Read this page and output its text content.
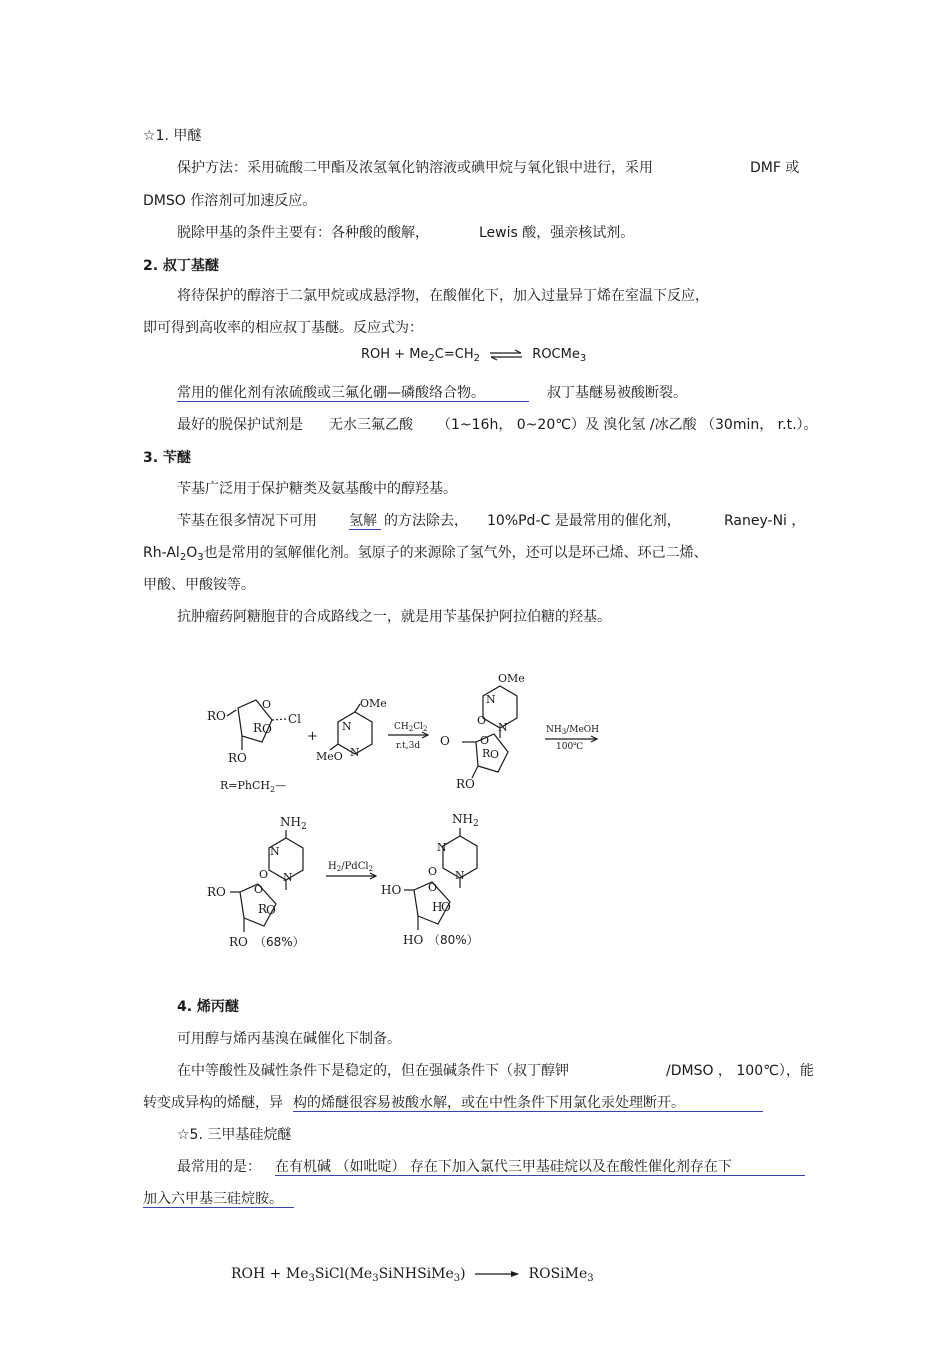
☆1. 甲醚
保护方法：采用硫酸二甲酯及浓氢氧化钠溶液或碘甲烷与氧化银中进行，采用	DMF 或
DMSO 作溶剂可加速反应。
脱除甲基的条件主要有：各种酸的酸解，	Lewis 酸，强亲核试剂。
2. 叔丁基醚
将待保护的醇溶于二氯甲烷或成悬浮物，在酸催化下，加入过量异丁烯在室温下反应，
即可得到高收率的相应叔丁基醚。反应式为：
ROH + $Me_2C=CH_2$ ⇌ ROCMe$_3$
常用的催化剂有浓硫酸或三氟化硼—磷酸络合物。	叔丁基醚易被酸断裂。
最好的脱保护试剂是 无水三氟乙酸 （1~16h， 0~20℃）及 溴化氢 /冰乙酸 （30min， r.t.）。
3. 苄醚
苄基广泛用于保护糖类及氨基酸中的醇羟基。
苄基在很多情况下可用 氢解 的方法除去， 10%Pd-C 是最常用的催化剂，	Raney-Ni ，
$Rh-Al_2O_3$也是常用的氢解催化剂。氢原子的来源除了氢气外，还可以是环己烯、环己二烯、
甲酸、甲酸铵等。
抗肿瘤药阿糖胞苷的合成路线之一，就是用苄基保护阿拉伯糖的羟基。
RO	Cl
R O
RO
O
R=PhCH$_2$—
+
OMe
N
N
MeO
$CH_2Cl_2$
r.t,3d
OMe
N
O
N
O
R O
O
RO
$NH_3$/MeOH
100℃
$NH_2$
N
O N
O
R
O
RO
RO （68%）
$H_2/PdCl_2$
$NH_2$
N
O N
O
H
O
HO
HO （80%）
4. 烯丙醚
可用醇与烯丙基溴在碱催化下制备。
在中等酸性及碱性条件下是稳定的，但在强碱条件下（叔丁醇钾	/DMSO ， 100℃），能
转变成异构的烯醚，异 构的烯醚很容易被酸水解，或在中性条件下用氯化汞处理断开。
☆5. 三甲基硅烷醚
最常用的是： 在有机碱 （如吡啶） 存在下加入氯代三甲基硅烷以及在酸性催化剂存在下
加入六甲基三硅烷胺。
ROH + $Me_3SiCl(Me_3SiNHSiMe_3)$ → ROSiMe$_3$
